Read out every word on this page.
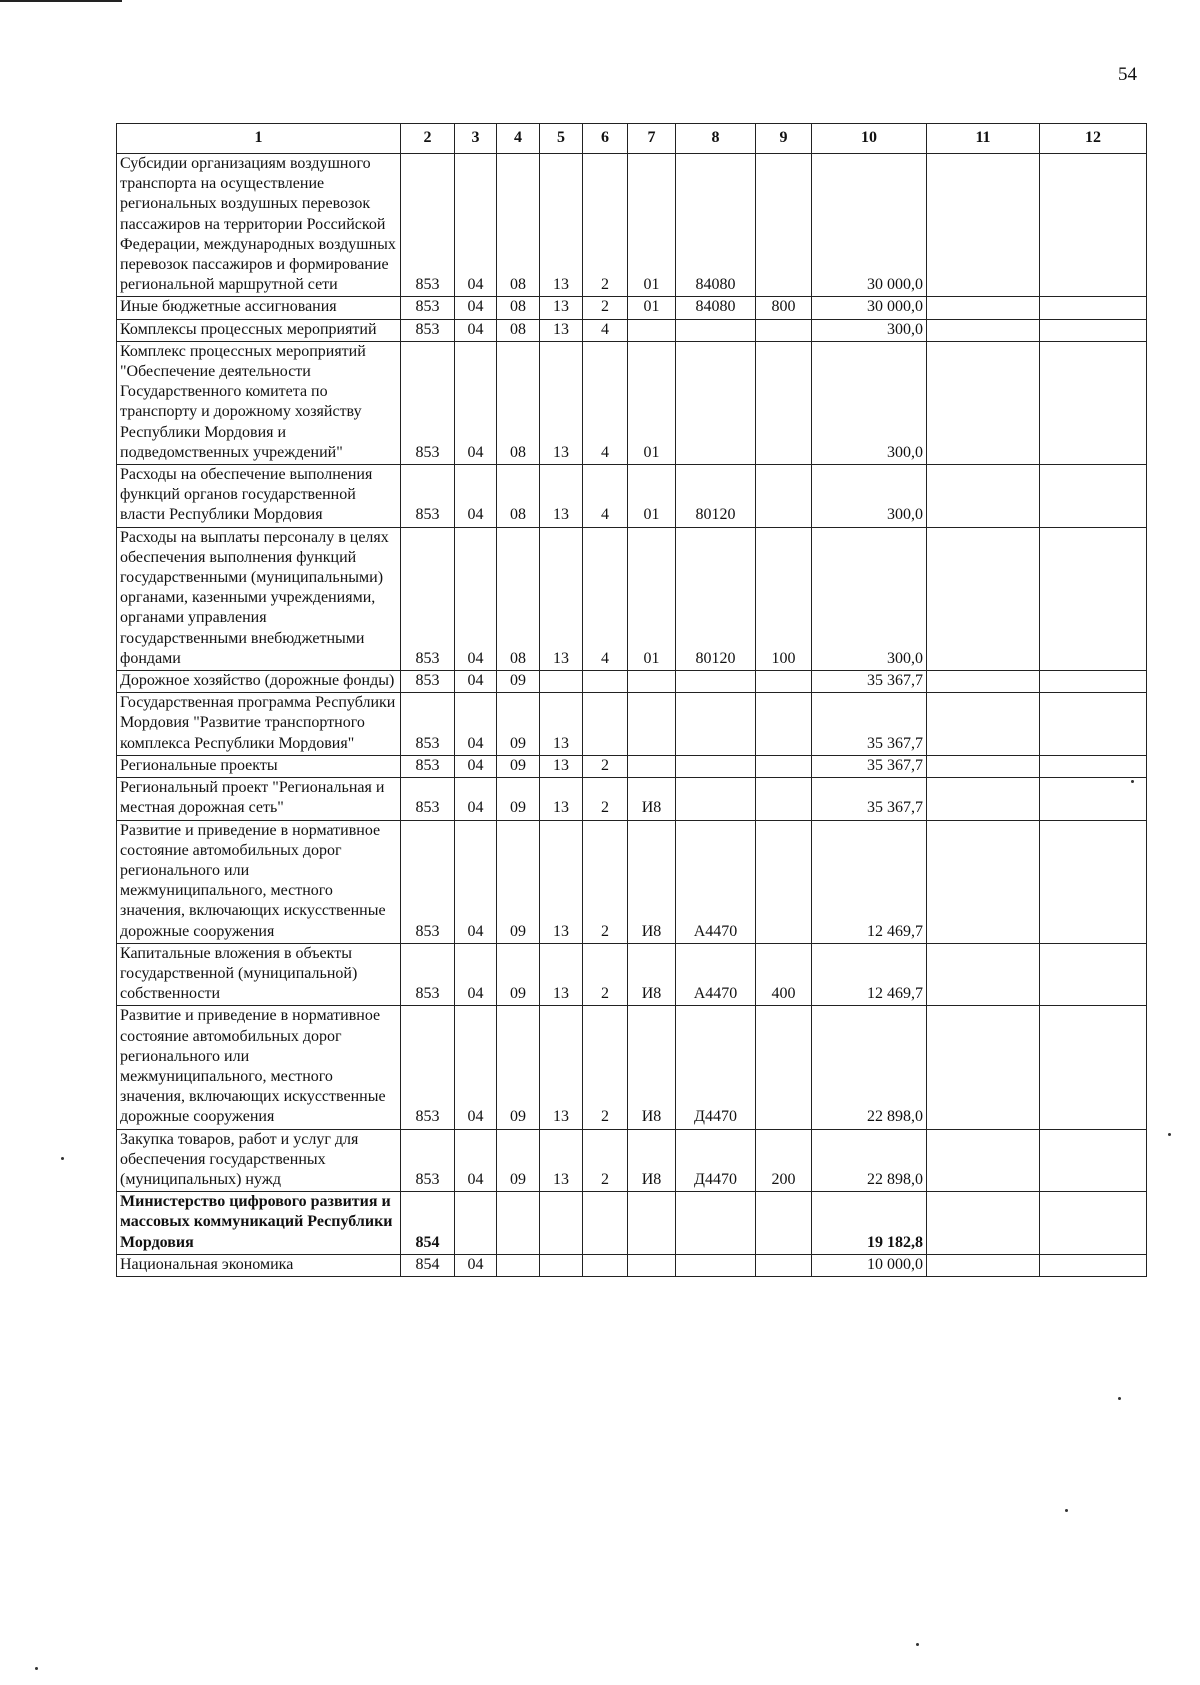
54
1	2	3	4	5	6	7	8	9	10	11	12
Субсидии организациям воздушного транспорта на осуществление региональных воздушных перевозок пассажиров на территории Российской Федерации, международных воздушных перевозок пассажиров и формирование региональной маршрутной сети	853	04	08	13	2	01	84080		30 000,0		
Иные бюджетные ассигнования	853	04	08	13	2	01	84080	800	30 000,0		
Комплексы процессных мероприятий	853	04	08	13	4				300,0		
Комплекс процессных мероприятий "Обеспечение деятельности Государственного комитета по транспорту и дорожному хозяйству Республики Мордовия и подведомственных учреждений"	853	04	08	13	4	01			300,0		
Расходы на обеспечение выполнения функций органов государственной власти Республики Мордовия	853	04	08	13	4	01	80120		300,0		
Расходы на выплаты персоналу в целях обеспечения выполнения функций государственными (муниципальными) органами, казенными учреждениями, органами управления государственными внебюджетными фондами	853	04	08	13	4	01	80120	100	300,0		
Дорожное хозяйство (дорожные фонды)	853	04	09						35 367,7		
Государственная программа Республики Мордовия "Развитие транспортного комплекса Республики Мордовия"	853	04	09	13					35 367,7		
Региональные проекты	853	04	09	13	2				35 367,7		
Региональный проект "Региональная и местная дорожная сеть"	853	04	09	13	2	И8			35 367,7		
Развитие и приведение в нормативное состояние автомобильных дорог регионального или межмуниципального, местного значения, включающих искусственные дорожные сооружения	853	04	09	13	2	И8	А4470		12 469,7		
Капитальные вложения в объекты государственной (муниципальной) собственности	853	04	09	13	2	И8	А4470	400	12 469,7		
Развитие и приведение в нормативное состояние автомобильных дорог регионального или межмуниципального, местного значения, включающих искусственные дорожные сооружения	853	04	09	13	2	И8	Д4470		22 898,0		
Закупка товаров, работ и услуг для обеспечения государственных (муниципальных) нужд	853	04	09	13	2	И8	Д4470	200	22 898,0		
Министерство цифрового развития и массовых коммуникаций Республики Мордовия	854								19 182,8		
Национальная экономика	854	04							10 000,0		
